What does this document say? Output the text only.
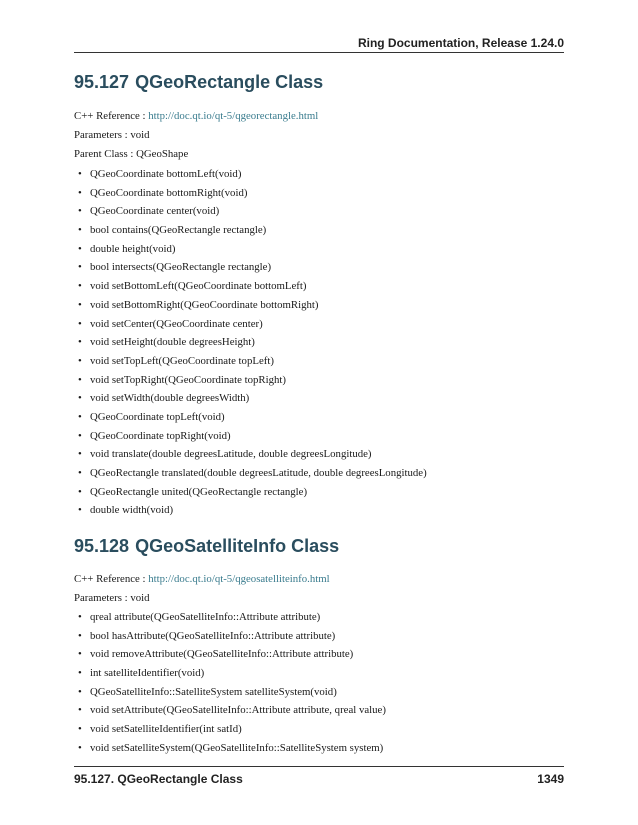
Ring Documentation, Release 1.24.0
95.127 QGeoRectangle Class
C++ Reference : http://doc.qt.io/qt-5/qgeorectangle.html
Parameters : void
Parent Class : QGeoShape
• QGeoCoordinate bottomLeft(void)
• QGeoCoordinate bottomRight(void)
• QGeoCoordinate center(void)
• bool contains(QGeoRectangle rectangle)
• double height(void)
• bool intersects(QGeoRectangle rectangle)
• void setBottomLeft(QGeoCoordinate bottomLeft)
• void setBottomRight(QGeoCoordinate bottomRight)
• void setCenter(QGeoCoordinate center)
• void setHeight(double degreesHeight)
• void setTopLeft(QGeoCoordinate topLeft)
• void setTopRight(QGeoCoordinate topRight)
• void setWidth(double degreesWidth)
• QGeoCoordinate topLeft(void)
• QGeoCoordinate topRight(void)
• void translate(double degreesLatitude, double degreesLongitude)
• QGeoRectangle translated(double degreesLatitude, double degreesLongitude)
• QGeoRectangle united(QGeoRectangle rectangle)
• double width(void)
95.128 QGeoSatelliteInfo Class
C++ Reference : http://doc.qt.io/qt-5/qgeosatelliteinfo.html
Parameters : void
• qreal attribute(QGeoSatelliteInfo::Attribute attribute)
• bool hasAttribute(QGeoSatelliteInfo::Attribute attribute)
• void removeAttribute(QGeoSatelliteInfo::Attribute attribute)
• int satelliteIdentifier(void)
• QGeoSatelliteInfo::SatelliteSystem satelliteSystem(void)
• void setAttribute(QGeoSatelliteInfo::Attribute attribute, qreal value)
• void setSatelliteIdentifier(int satId)
• void setSatelliteSystem(QGeoSatelliteInfo::SatelliteSystem system)
95.127. QGeoRectangle Class	1349
